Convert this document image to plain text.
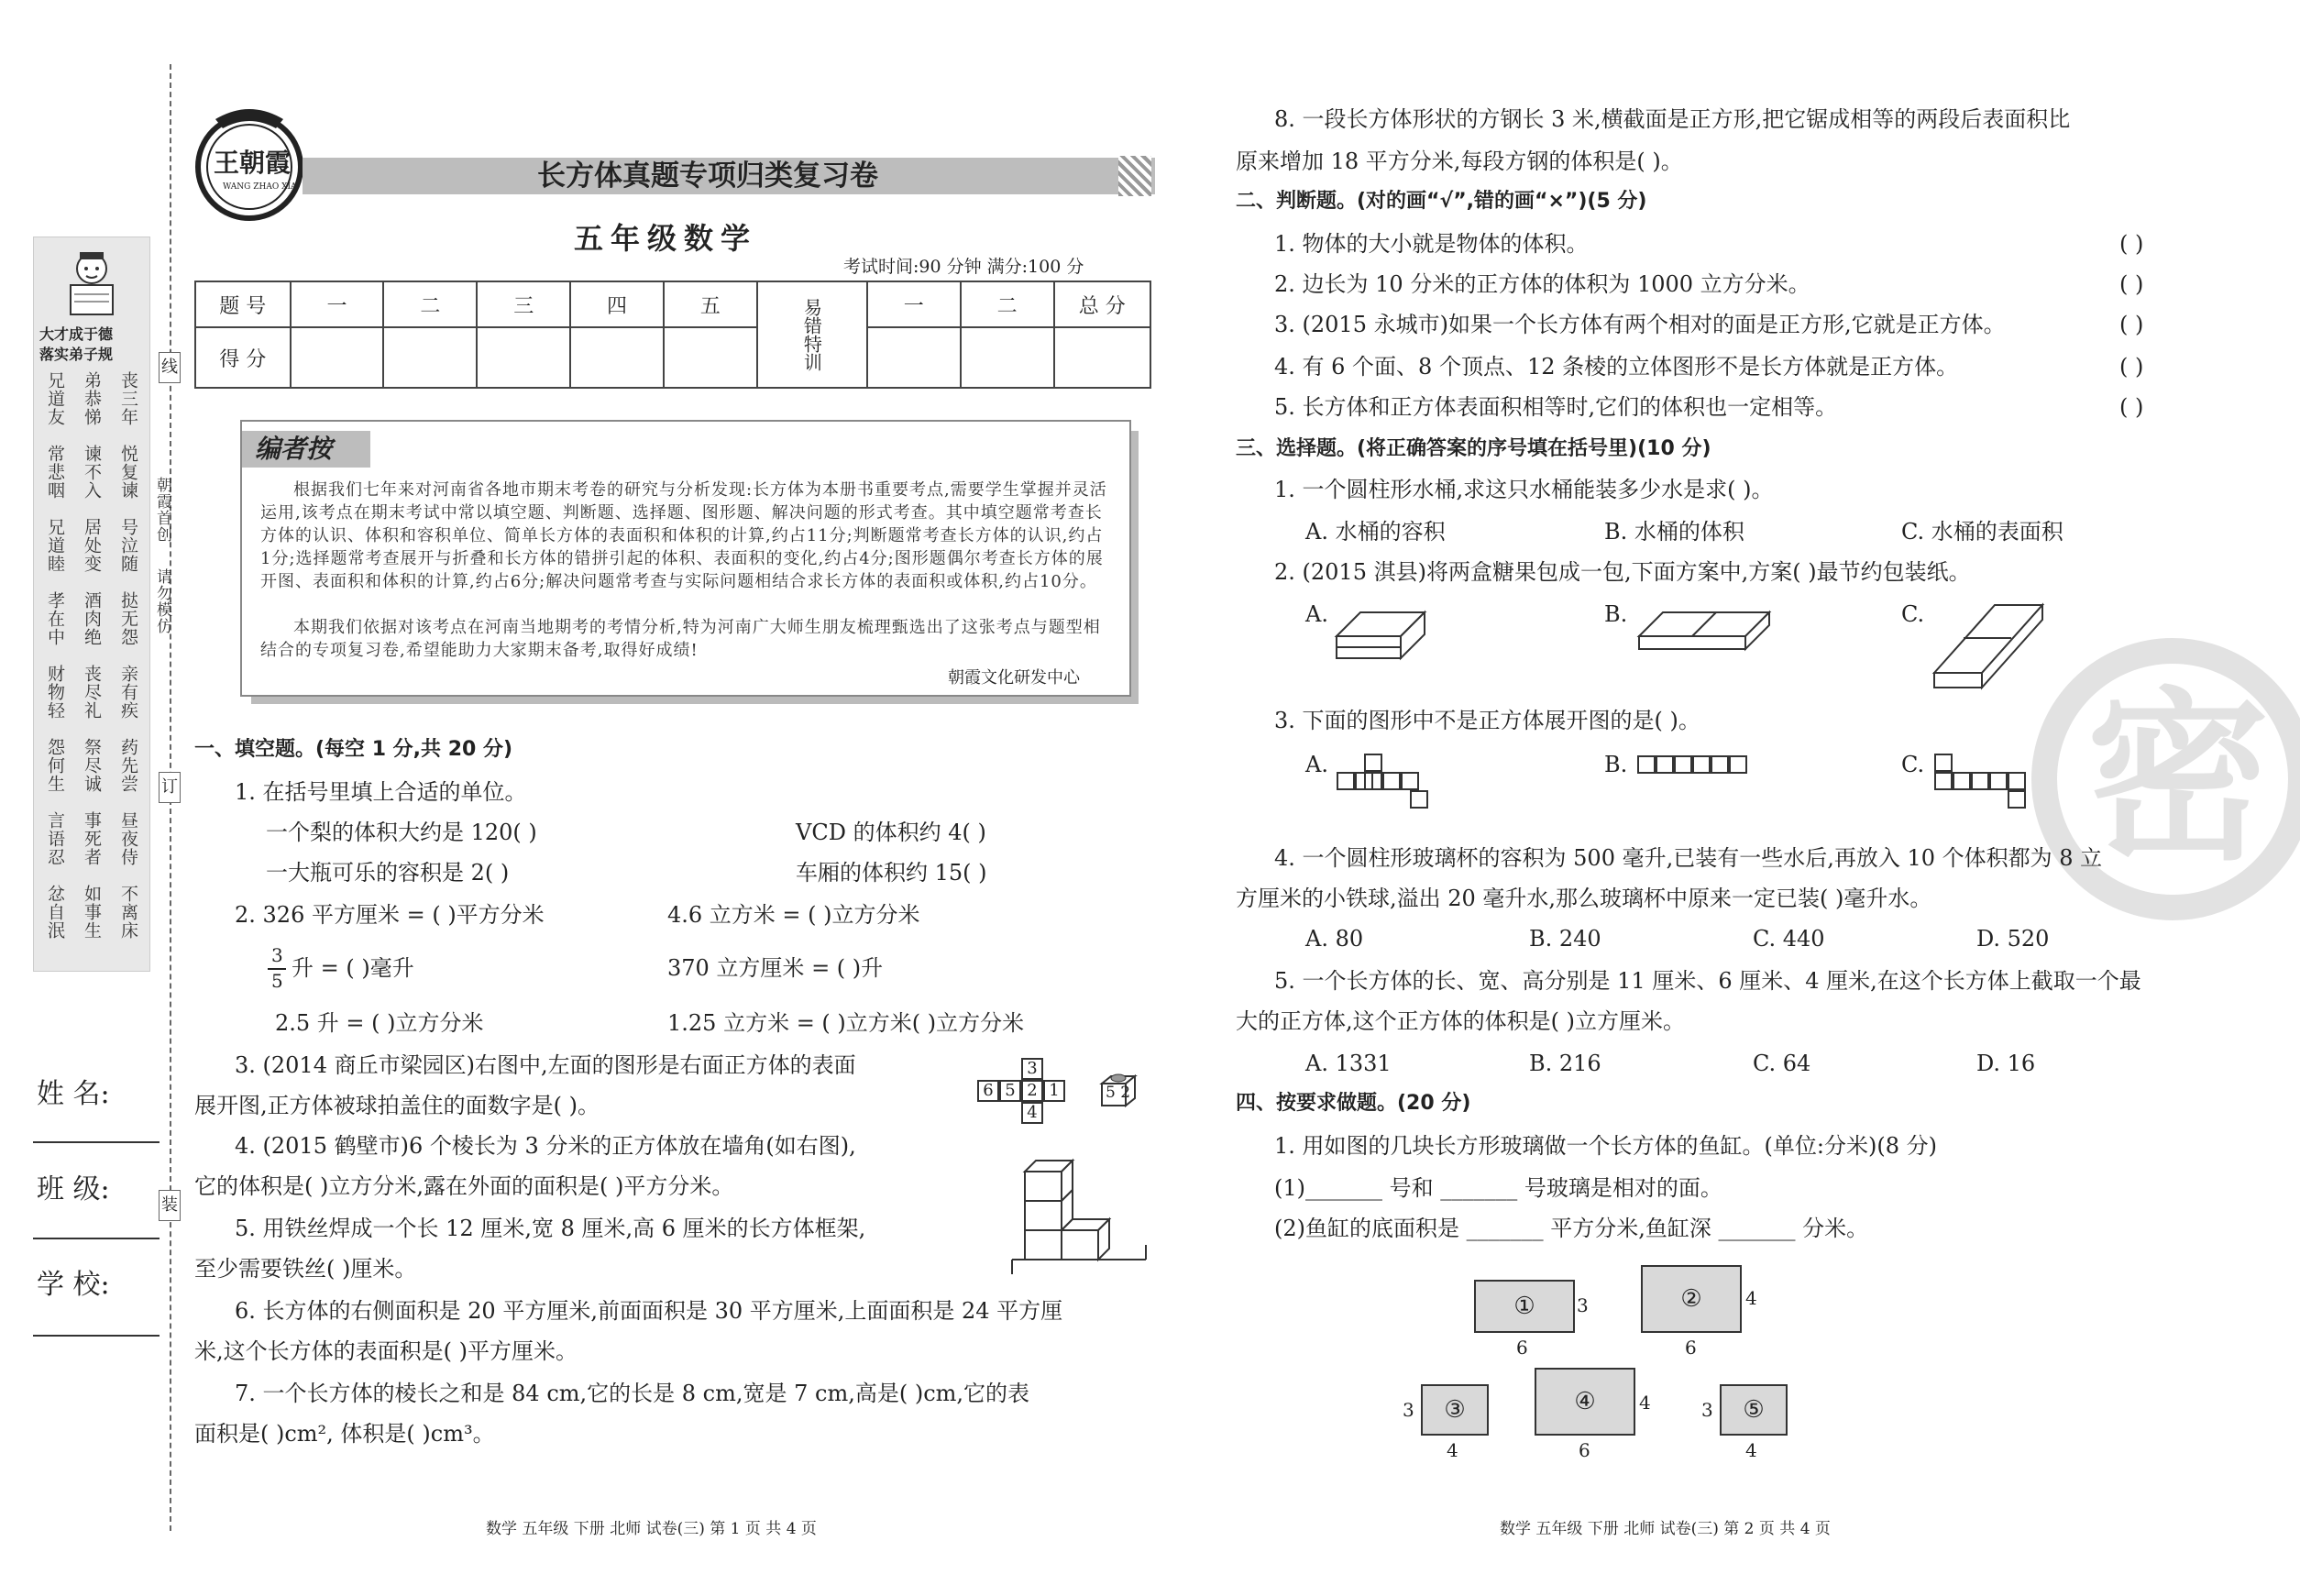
大才成于德
落实弟子规
丧三年
弟恭悌
兄道友
悦复谏
谏不入
常悲咽
号泣随
居处变
兄道睦
挞无怨
酒肉绝
孝在中
亲有疾
丧尽礼
财物轻
药先尝
祭尽诚
怨何生
昼夜侍
事死者
言语忍
不离床
如事生
忿自泯
线
订
装
朝霞首创
请勿模仿
姓 名:
班 级:
学 校:
王朝霞
WANG ZHAO XIA	长方体真题专项归类复习卷
五年级数学
考试时间:90 分钟 满分:100 分
题 号	一	二	三	四	五	易错特训	一	二	总 分
得 分									
编者按
根据我们七年来对河南省各地市期末考卷的研究与分析发现:长方体为本册书重要考点,需要学生掌握并灵活运用,该考点在期末考试中常以填空题、判断题、选择题、图形题、解决问题的形式考查。其中填空题常考查长方体的认识、体积和容积单位、简单长方体的表面积和体积的计算,约占11分;判断题常考查长方体的认识,约占1分;选择题常考查展开与折叠和长方体的错拼引起的体积、表面积的变化,约占4分;图形题偶尔考查长方体的展开图、表面积和体积的计算,约占6分;解决问题常考查与实际问题相结合求长方体的表面积或体积,约占10分。
本期我们依据对该考点在河南当地期考的考情分析,特为河南广大师生朋友梳理甄选出了这张考点与题型相结合的专项复习卷,希望能助力大家期末备考,取得好成绩!
朝霞文化研发中心
一、填空题。(每空 1 分,共 20 分)
1. 在括号里填上合适的单位。
一个梨的体积大约是 120( )	VCD 的体积约 4( )
一大瓶可乐的容积是 2( )	车厢的体积约 15( )
2. 326 平方厘米 = ( )平方分米	4.6 立方米 = ( )立方分米
3
5 升 = ( )毫升	370 立方厘米 = ( )升
2.5 升 = ( )立方分米	1.25 立方米 = ( )立方米( )立方分米
3. (2014 商丘市梁园区)右图中,左面的图形是右面正方体的表面
展开图,正方体被球拍盖住的面数字是( )。
3
6 5 2 1
4
5 2
4. (2015 鹤壁市)6 个棱长为 3 分米的正方体放在墙角(如右图),
它的体积是( )立方分米,露在外面的面积是( )平方分米。
5. 用铁丝焊成一个长 12 厘米,宽 8 厘米,高 6 厘米的长方体框架,
至少需要铁丝( )厘米。
6. 长方体的右侧面积是 20 平方厘米,前面面积是 30 平方厘米,上面面积是 24 平方厘
米,这个长方体的表面积是( )平方厘米。
7. 一个长方体的棱长之和是 84 cm,它的长是 8 cm,宽是 7 cm,高是( )cm,它的表
面积是( )cm², 体积是( )cm³。
数学 五年级 下册 北师 试卷(三) 第 1 页 共 4 页
密
8. 一段长方体形状的方钢长 3 米,横截面是正方形,把它锯成相等的两段后表面积比
原来增加 18 平方分米,每段方钢的体积是( )。
二、判断题。(对的画“√”,错的画“×”)(5 分)
1. 物体的大小就是物体的体积。	( )
2. 边长为 10 分米的正方体的体积为 1000 立方分米。	( )
3. (2015 永城市)如果一个长方体有两个相对的面是正方形,它就是正方体。	( )
4. 有 6 个面、8 个顶点、12 条棱的立体图形不是长方体就是正方体。	( )
5. 长方体和正方体表面积相等时,它们的体积也一定相等。	( )
三、选择题。(将正确答案的序号填在括号里)(10 分)
1. 一个圆柱形水桶,求这只水桶能装多少水是求( )。
A. 水桶的容积	B. 水桶的体积	C. 水桶的表面积
2. (2015 淇县)将两盒糖果包成一包,下面方案中,方案( )最节约包装纸。
A.	B.	C.
3. 下面的图形中不是正方体展开图的是( )。
A.	B.	C.
4. 一个圆柱形玻璃杯的容积为 500 毫升,已装有一些水后,再放入 10 个体积都为 8 立
方厘米的小铁球,溢出 20 毫升水,那么玻璃杯中原来一定已装( )毫升水。
A. 80	B. 240	C. 440	D. 520
5. 一个长方体的长、宽、高分别是 11 厘米、6 厘米、4 厘米,在这个长方体上截取一个最
大的正方体,这个正方体的体积是( )立方厘米。
A. 1331	B. 216	C. 64	D. 16
四、按要求做题。(20 分)
1. 用如图的几块长方形玻璃做一个长方体的鱼缸。(单位:分米)(8 分)
(1)_______ 号和 _______ 号玻璃是相对的面。
(2)鱼缸的底面积是 _______ 平方分米,鱼缸深 _______ 分米。
①	3
6
②	4
6
③
3
4
④	4
6
⑤
3
4
数学 五年级 下册 北师 试卷(三) 第 2 页 共 4 页
